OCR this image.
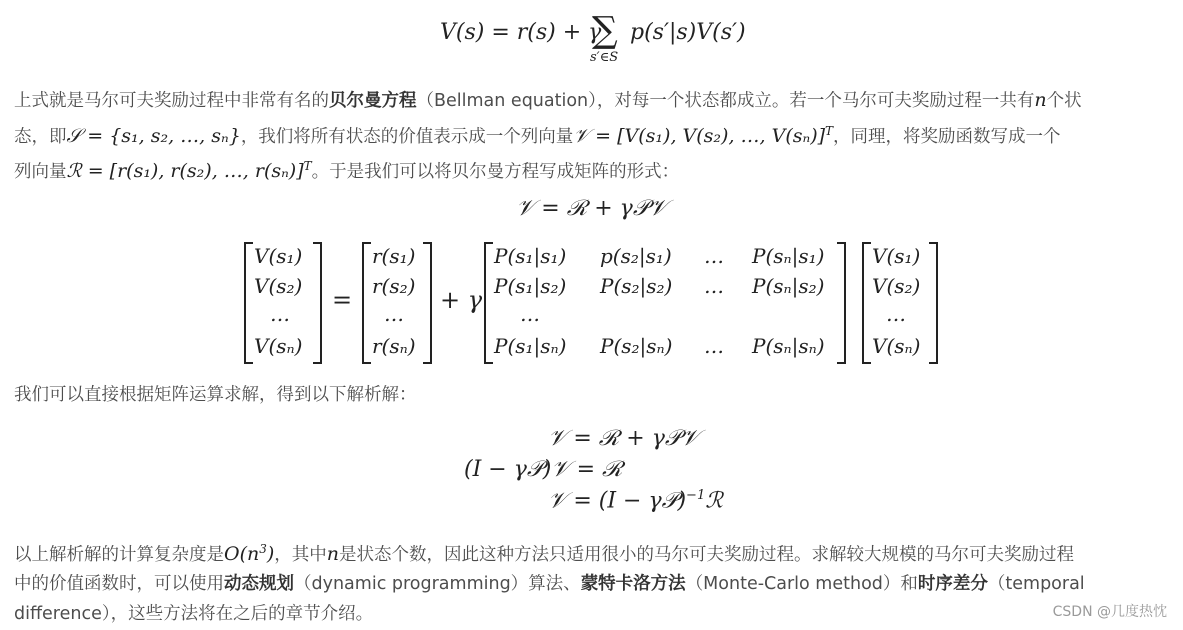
V(s) = r(s) + γ
∑
s′∈S
p(s′|s)V(s′)
上式就是马尔可夫奖励过程中非常有名的贝尔曼方程（Bellman equation），对每一个状态都成立。若一个马尔可夫奖励过程一共有n个状
态，即𝒮 = {s₁, s₂, …, sₙ}，我们将所有状态的价值表示成一个列向量𝒱 = [V(s₁), V(s₂), …, V(sₙ)]$^T$，同理，将奖励函数写成一个
列向量ℛ = [r(s₁), r(s₂), …, r(sₙ)]$^T$。于是我们可以将贝尔曼方程写成矩阵的形式：
𝒱 = ℛ + γ𝒫𝒱
V(s₁)
V(s₂)
…
V(sₙ)
=
r(s₁)
r(s₂)
…
r(sₙ)
+ γ
P(s₁|s₁) p(s₂|s₁) … P(sₙ|s₁)
P(s₁|s₂) P(s₂|s₂) … P(sₙ|s₂)
…
P(s₁|sₙ) P(s₂|sₙ) … P(sₙ|sₙ)
V(s₁)
V(s₂)
…
V(sₙ)
我们可以直接根据矩阵运算求解，得到以下解析解：
𝒱 = ℛ + γ𝒫𝒱
(I − γ𝒫)𝒱 = ℛ
𝒱 = (I − γ𝒫)$^{-1}$ℛ
以上解析解的计算复杂度是$O(n^3)$，其中n是状态个数，因此这种方法只适用很小的马尔可夫奖励过程。求解较大规模的马尔可夫奖励过程
中的价值函数时，可以使用动态规划（dynamic programming）算法、蒙特卡洛方法（Monte-Carlo method）和时序差分（temporal
difference），这些方法将在之后的章节介绍。	CSDN @几度热忱
